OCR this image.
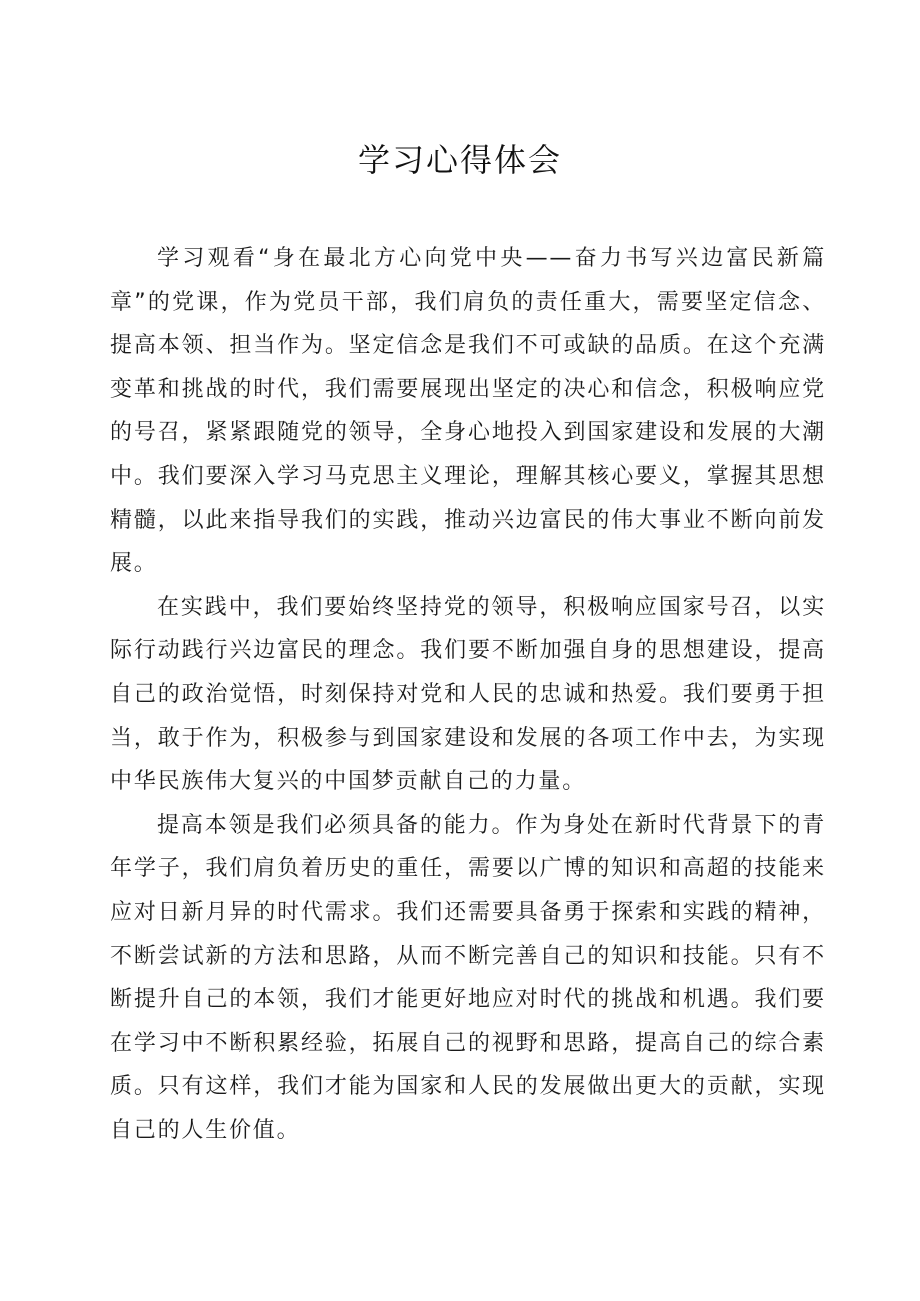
学习心得体会

学习观看“身在最北方心向党中央——奋力书写兴边富民新篇章”的党课，作为党员干部，我们肩负的责任重大，需要坚定信念、提高本领、担当作为。坚定信念是我们不可或缺的品质。在这个充满变革和挑战的时代，我们需要展现出坚定的决心和信念，积极响应党的号召，紧紧跟随党的领导，全身心地投入到国家建设和发展的大潮中。我们要深入学习马克思主义理论，理解其核心要义，掌握其思想精髓，以此来指导我们的实践，推动兴边富民的伟大事业不断向前发展。

在实践中，我们要始终坚持党的领导，积极响应国家号召，以实际行动践行兴边富民的理念。我们要不断加强自身的思想建设，提高自己的政治觉悟，时刻保持对党和人民的忠诚和热爱。我们要勇于担当，敢于作为，积极参与到国家建设和发展的各项工作中去，为实现中华民族伟大复兴的中国梦贡献自己的力量。

提高本领是我们必须具备的能力。作为身处在新时代背景下的青年学子，我们肩负着历史的重任，需要以广博的知识和高超的技能来应对日新月异的时代需求。我们还需要具备勇于探索和实践的精神，不断尝试新的方法和思路，从而不断完善自己的知识和技能。只有不断提升自己的本领，我们才能更好地应对时代的挑战和机遇。我们要在学习中不断积累经验，拓展自己的视野和思路，提高自己的综合素质。只有这样，我们才能为国家和人民的发展做出更大的贡献，实现自己的人生价值。
